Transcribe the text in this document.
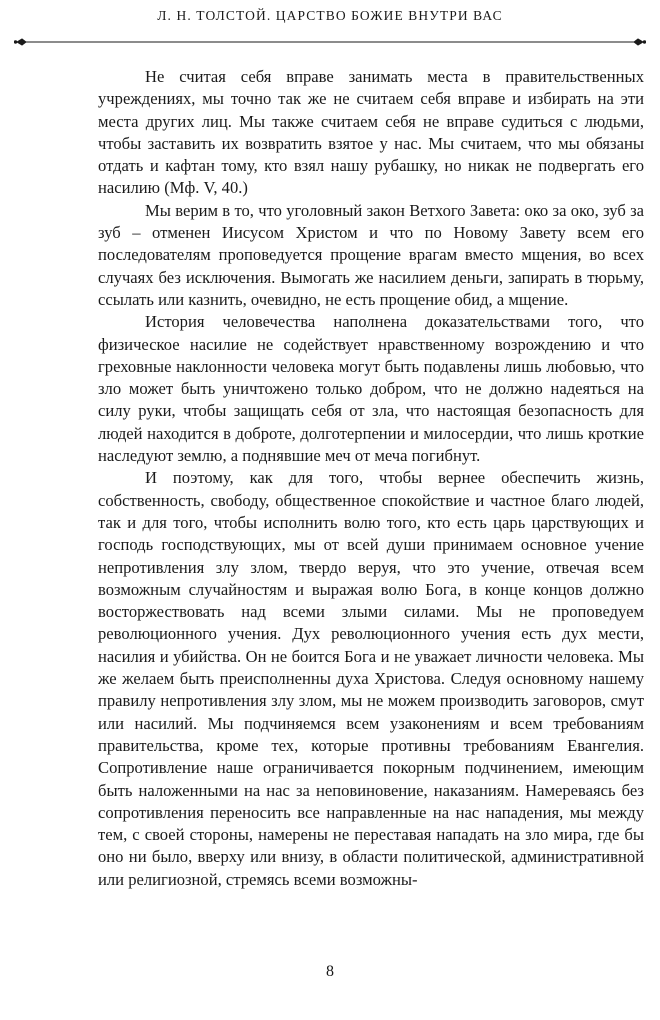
Л. Н. ТОЛСТОЙ. ЦАРСТВО БОЖИЕ ВНУТРИ ВАС

Не считая себя вправе занимать места в правительственных учреждениях, мы точно так же не считаем себя вправе и избирать на эти места других лиц. Мы также считаем себя не вправе судиться с людьми, чтобы заставить их возвратить взятое у нас. Мы считаем, что мы обязаны отдать и кафтан тому, кто взял нашу рубашку, но никак не подвергать его насилию (Мф. V, 40.)

Мы верим в то, что уголовный закон Ветхого Завета: око за око, зуб за зуб – отменен Иисусом Христом и что по Новому Завету всем его последователям проповедуется прощение врагам вместо мщения, во всех случаях без исключения. Вымогать же насилием деньги, запирать в тюрьму, ссылать или казнить, очевидно, не есть прощение обид, а мщение.

История человечества наполнена доказательствами того, что физическое насилие не содействует нравственному возрождению и что греховные наклонности человека могут быть подавлены лишь любовью, что зло может быть уничтожено только добром, что не должно надеяться на силу руки, чтобы защищать себя от зла, что настоящая безопасность для людей находится в доброте, долготерпении и милосердии, что лишь кроткие наследуют землю, а поднявшие меч от меча погибнут.

И поэтому, как для того, чтобы вернее обеспечить жизнь, собственность, свободу, общественное спокойствие и частное благо людей, так и для того, чтобы исполнить волю того, кто есть царь царствующих и господь господствующих, мы от всей души принимаем основное учение непротивления злу злом, твердо веруя, что это учение, отвечая всем возможным случайностям и выражая волю Бога, в конце концов должно восторжествовать над всеми злыми силами. Мы не проповедуем революционного учения. Дух революционного учения есть дух мести, насилия и убийства. Он не боится Бога и не уважает личности человека. Мы же желаем быть преисполненны духа Христова. Следуя основному нашему правилу непротивления злу злом, мы не можем производить заговоров, смут или насилий. Мы подчиняемся всем узаконениям и всем требованиям правительства, кроме тех, которые противны требованиям Евангелия. Сопротивление наше ограничивается покорным подчинением, имеющим быть наложенными на нас за неповиновение, наказаниям. Намереваясь без сопротивления переносить все направленные на нас нападения, мы между тем, с своей стороны, намерены не переставая нападать на зло мира, где бы оно ни было, вверху или внизу, в области политической, административной или религиозной, стремясь всеми возможны-

8
